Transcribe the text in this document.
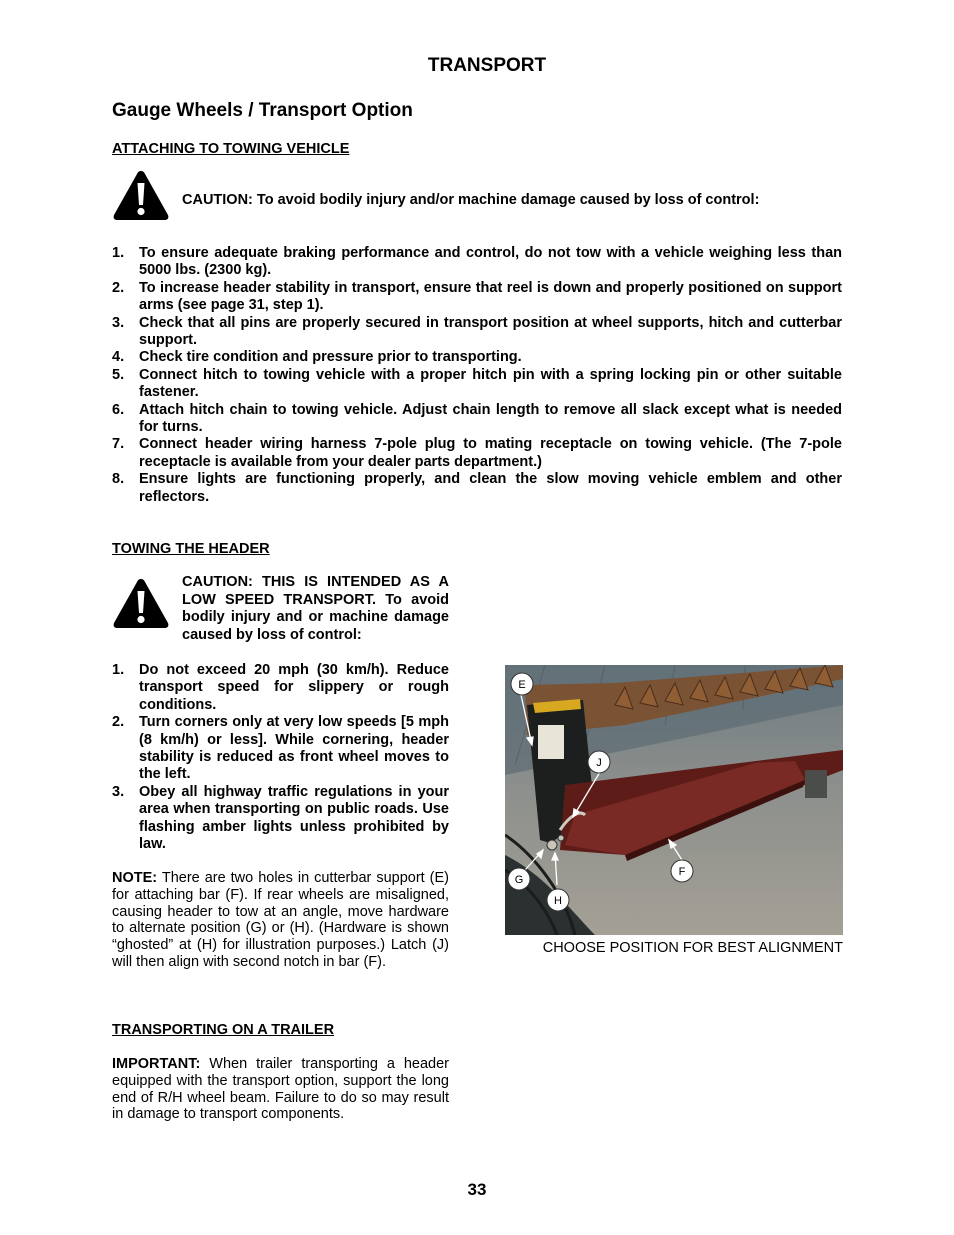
TRANSPORT
Gauge Wheels / Transport Option
ATTACHING TO TOWING VEHICLE
CAUTION: To avoid bodily injury and/or machine damage caused by loss of control:
1. To ensure adequate braking performance and control, do not tow with a vehicle weighing less than 5000 lbs. (2300 kg).
2. To increase header stability in transport, ensure that reel is down and properly positioned on support arms (see page 31, step 1).
3. Check that all pins are properly secured in transport position at wheel supports, hitch and cutterbar support.
4. Check tire condition and pressure prior to transporting.
5. Connect hitch to towing vehicle with a proper hitch pin with a spring locking pin or other suitable fastener.
6. Attach hitch chain to towing vehicle. Adjust chain length to remove all slack except what is needed for turns.
7. Connect header wiring harness 7-pole plug to mating receptacle on towing vehicle. (The 7-pole receptacle is available from your dealer parts department.)
8. Ensure lights are functioning properly, and clean the slow moving vehicle emblem and other reflectors.
TOWING THE HEADER
CAUTION: THIS IS INTENDED AS A LOW SPEED TRANSPORT. To avoid bodily injury and or machine damage caused by loss of control:
1. Do not exceed 20 mph (30 km/h). Reduce transport speed for slippery or rough conditions.
2. Turn corners only at very low speeds [5 mph (8 km/h) or less]. While cornering, header stability is reduced as front wheel moves to the left.
3. Obey all highway traffic regulations in your area when transporting on public roads. Use flashing amber lights unless prohibited by law.
NOTE: There are two holes in cutterbar support (E) for attaching bar (F). If rear wheels are misaligned, causing header to tow at an angle, move hardware to alternate position (G) or (H). (Hardware is shown “ghosted” at (H) for illustration purposes.) Latch (J) will then align with second notch in bar (F).
TRANSPORTING ON A TRAILER
IMPORTANT: When trailer transporting a header equipped with the transport option, support the long end of R/H wheel beam. Failure to do so may result in damage to transport components.
E
J
G
H
F
CHOOSE POSITION FOR BEST ALIGNMENT
33
